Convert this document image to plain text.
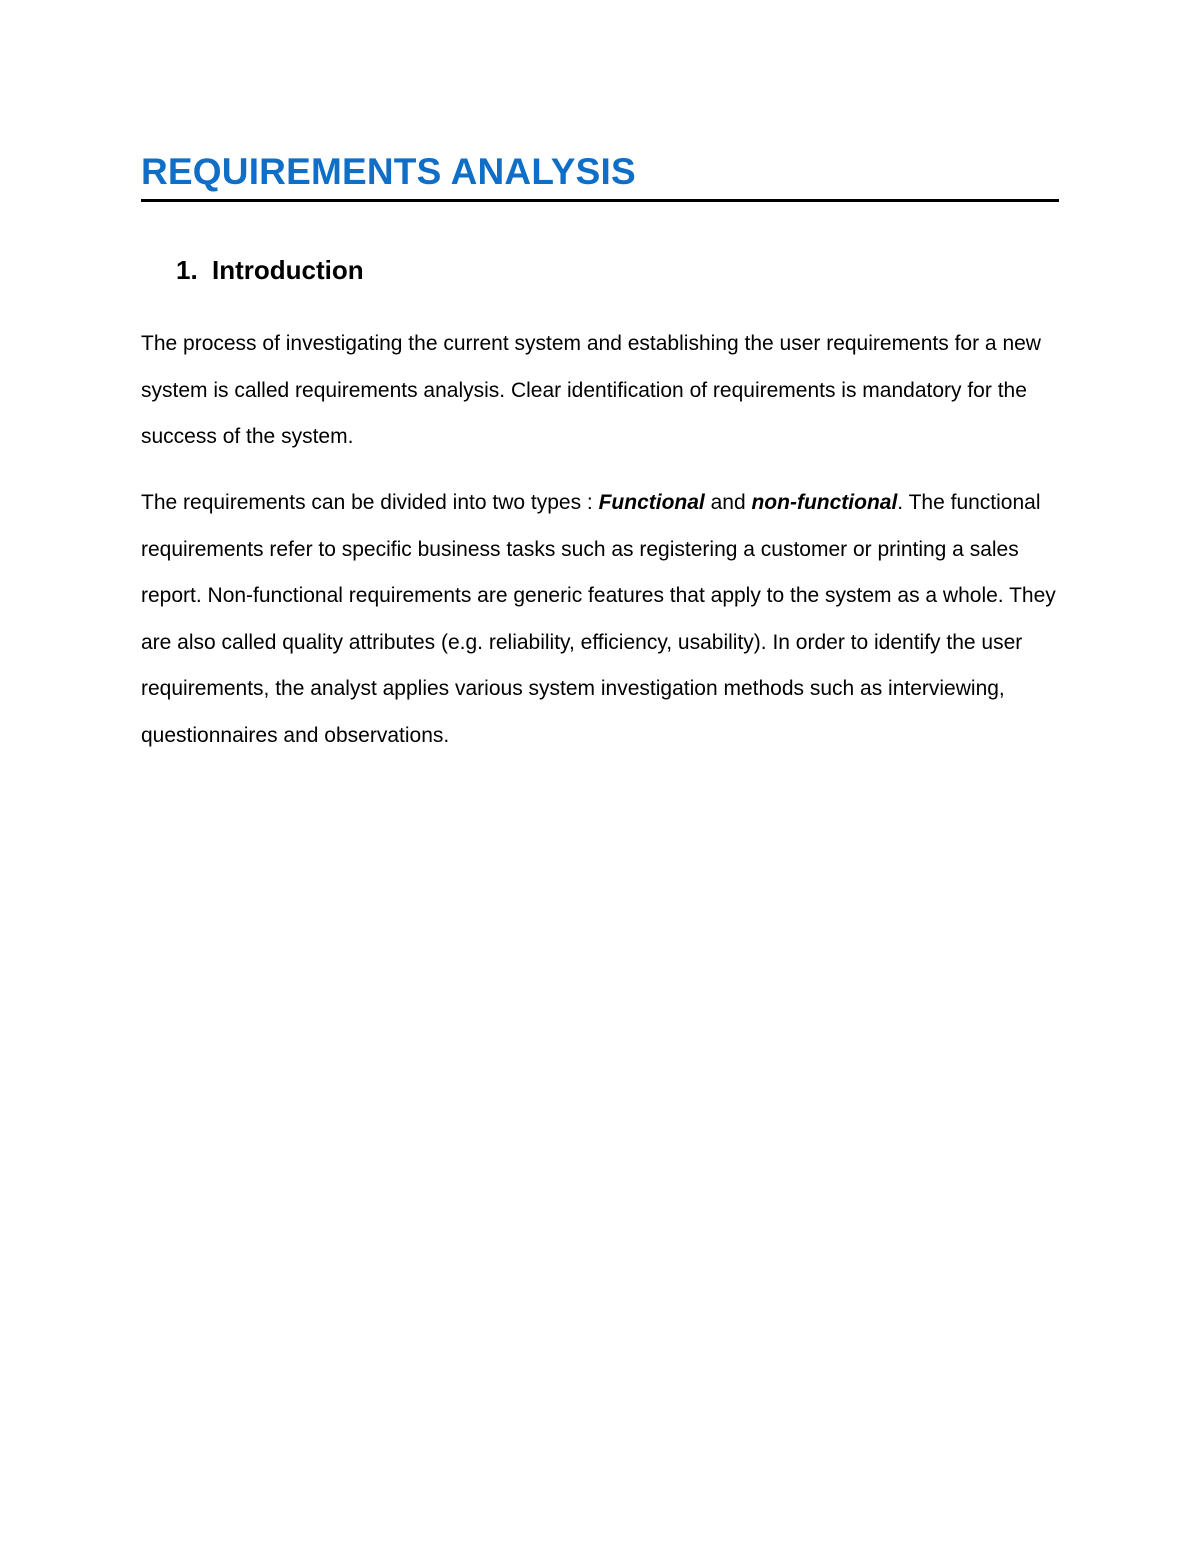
REQUIREMENTS ANALYSIS
1. Introduction

The process of investigating the current system and establishing the user requirements for a new system is called requirements analysis. Clear identification of requirements is mandatory for the success of the system.

The requirements can be divided into two types : Functional and non-functional. The functional requirements refer to specific business tasks such as registering a customer or printing a sales report. Non-functional requirements are generic features that apply to the system as a whole. They are also called quality attributes (e.g. reliability, efficiency, usability). In order to identify the user requirements, the analyst applies various system investigation methods such as interviewing, questionnaires and observations.
